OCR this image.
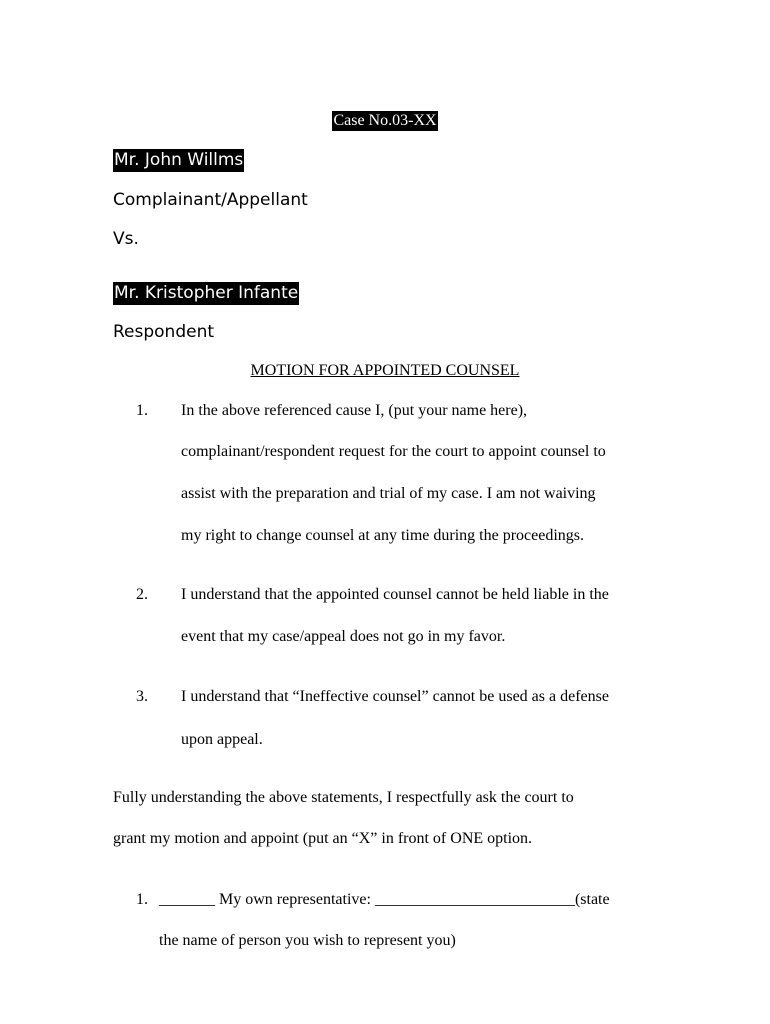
Case No.03-XX
Mr. John Willms
Complainant/Appellant
Vs.
Mr. Kristopher Infante
Respondent
MOTION FOR APPOINTED COUNSEL
1. In the above referenced cause I, (put your name here),
complainant/respondent request for the court to appoint counsel to
assist with the preparation and trial of my case. I am not waiving
my right to change counsel at any time during the proceedings.
2. I understand that the appointed counsel cannot be held liable in the
event that my case/appeal does not go in my favor.
3. I understand that “Ineffective counsel” cannot be used as a defense
upon appeal.
Fully understanding the above statements, I respectfully ask the court to
grant my motion and appoint (put an “X” in front of ONE option.
1. _______ My own representative: _________________________(state
the name of person you wish to represent you)
